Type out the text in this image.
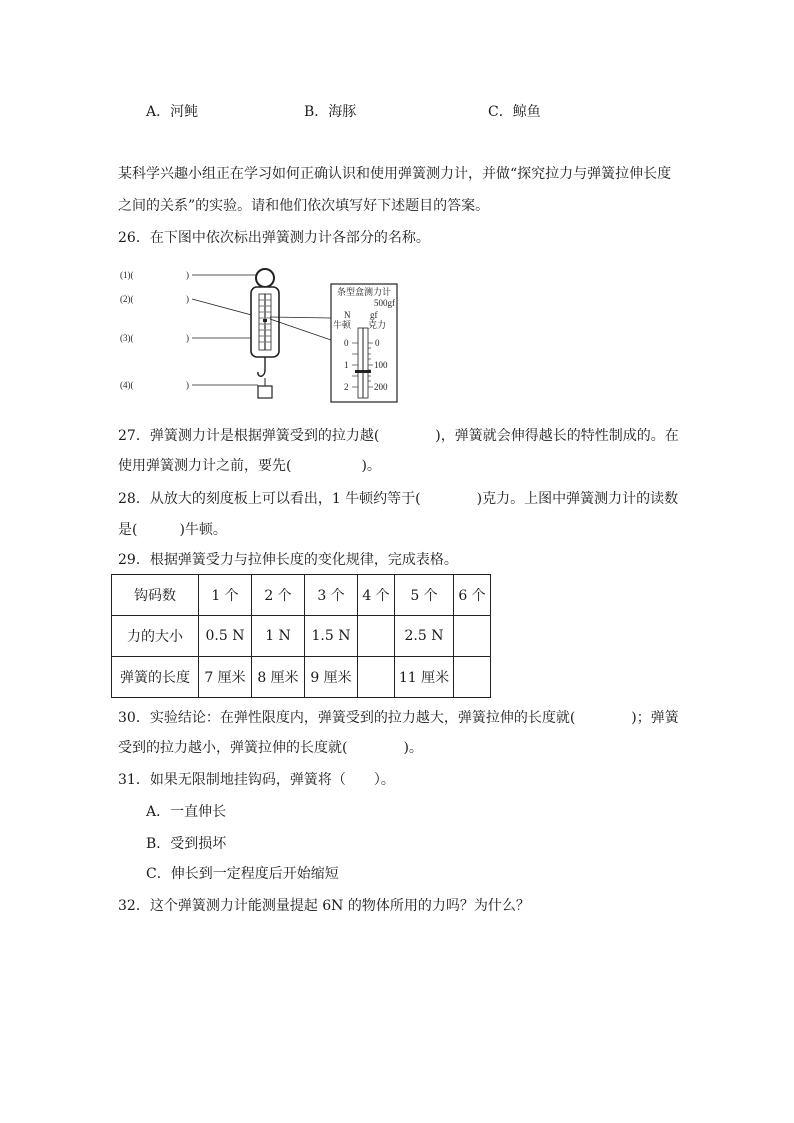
A．河鲀	B．海豚	C．鲸鱼
某科学兴趣小组正在学习如何正确认识和使用弹簧测力计，并做“探究拉力与弹簧拉伸长度
之间的关系”的实验。请和他们依次填写好下述题目的答案。
26．在下图中依次标出弹簧测力计各部分的名称。
(1)(	)
(2)(	)
(3)(	)
(4)(	)
条型盒测力计
500gf
N gf
牛顿 克力
0
1
2
0
100
200
27．弹簧测力计是根据弹簧受到的拉力越(　　　　)，弹簧就会伸得越长的特性制成的。在
使用弹簧测力计之前，要先(　　　　　)。
28．从放大的刻度板上可以看出，1 牛顿约等于(　　　　)克力。上图中弹簧测力计的读数
是(　　　)牛顿。
29．根据弹簧受力与拉伸长度的变化规律，完成表格。
钩码数	1 个	2 个	3 个	4 个	5 个	6 个
力的大小	0.5 N	1 N	1.5 N		2.5 N	
弹簧的长度	7 厘米	8 厘米	9 厘米		11 厘米	
30．实验结论：在弹性限度内，弹簧受到的拉力越大，弹簧拉伸的长度就(　　　　)；弹簧
受到的拉力越小，弹簧拉伸的长度就(　　　　)。
31．如果无限制地挂钩码，弹簧将（　　）。
A．一直伸长
B．受到损坏
C．伸长到一定程度后开始缩短
32．这个弹簧测力计能测量提起 6N 的物体所用的力吗？为什么？
